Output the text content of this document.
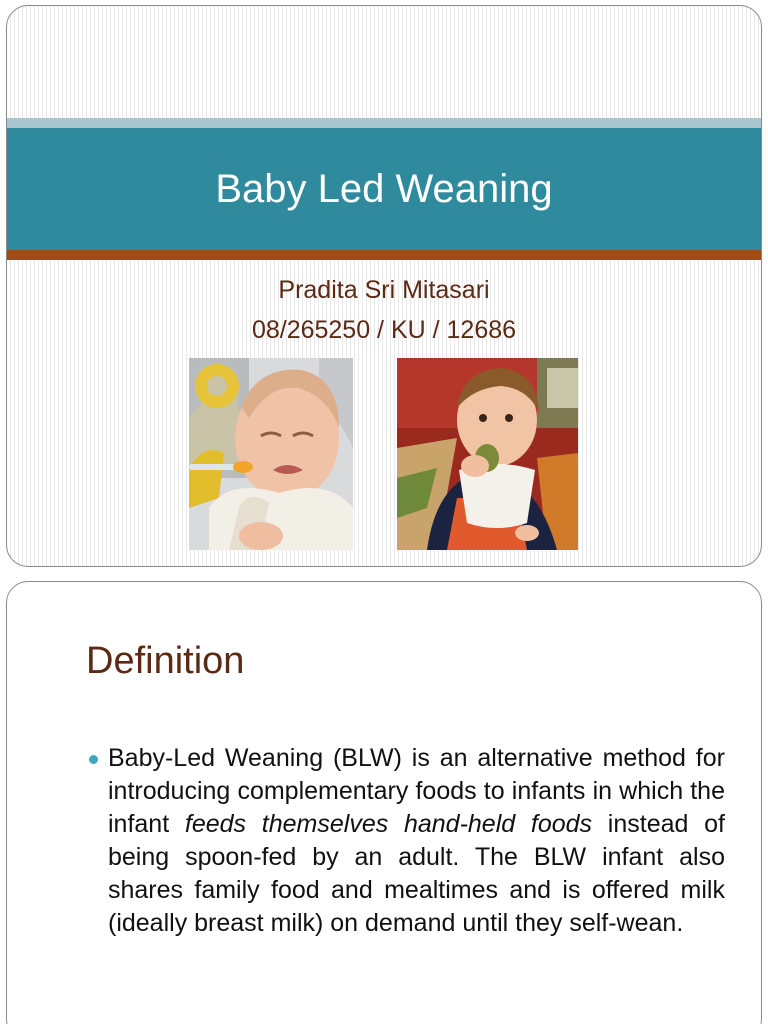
Baby Led Weaning
Pradita Sri Mitasari
08/265250 / KU / 12686
Definition

Baby-Led Weaning (BLW) is an alternative method for introducing complementary foods to infants in which the infant feeds themselves hand-held foods instead of being spoon-fed by an adult. The BLW infant also shares family food and mealtimes and is offered milk (ideally breast milk) on demand until they self-wean.
